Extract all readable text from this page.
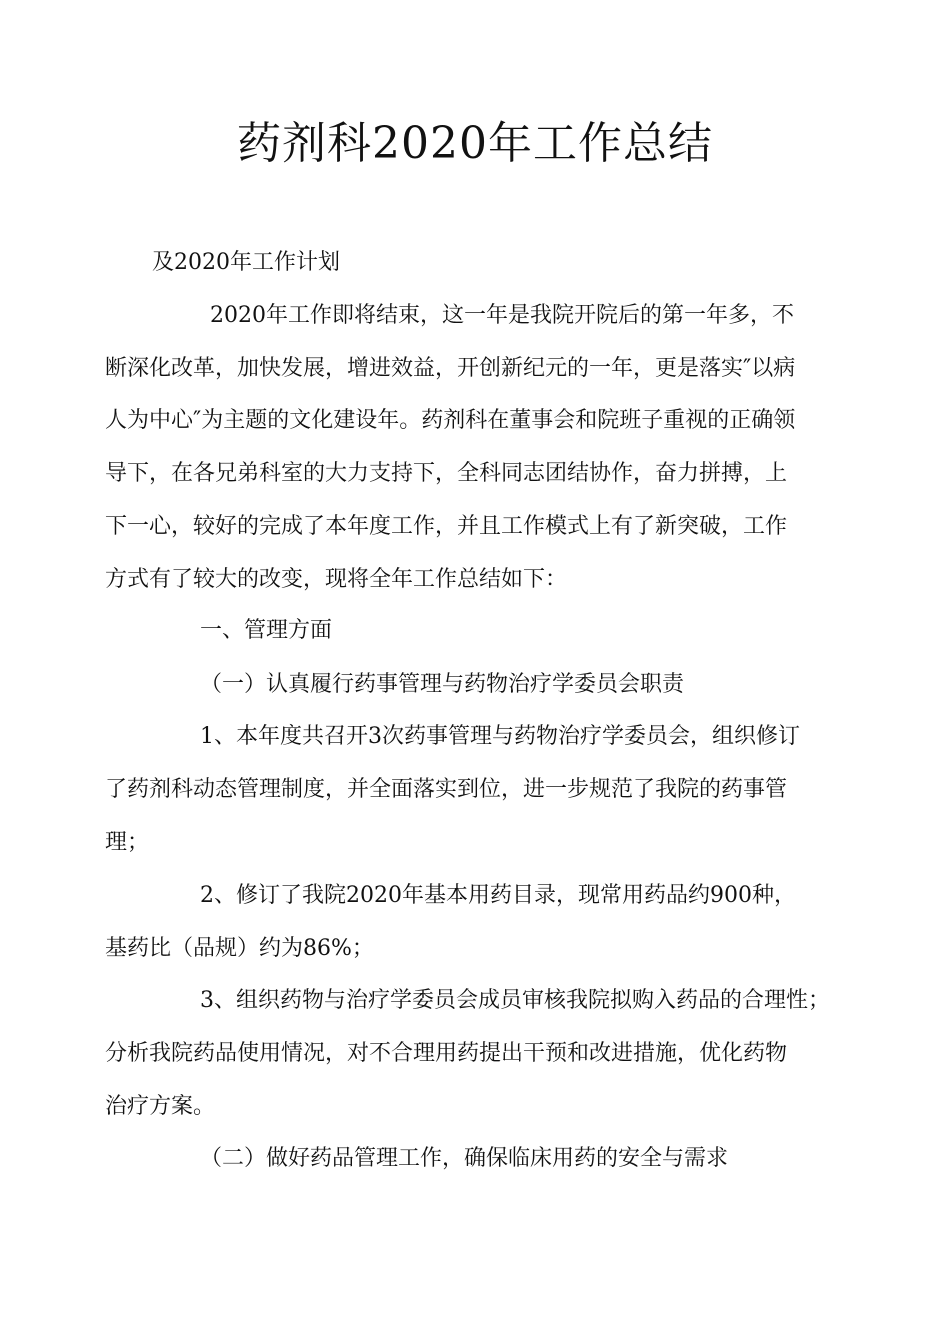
药剂科2020年工作总结
及2020年工作计划
2020年工作即将结束，这一年是我院开院后的第一年多，不
断深化改革，加快发展，增进效益，开创新纪元的一年，更是落实″以病
人为中心″为主题的文化建设年。药剂科在董事会和院班子重视的正确领
导下，在各兄弟科室的大力支持下，全科同志团结协作，奋力拼搏，上
下一心，较好的完成了本年度工作，并且工作模式上有了新突破，工作
方式有了较大的改变，现将全年工作总结如下：
一、管理方面
（一）认真履行药事管理与药物治疗学委员会职责
1、本年度共召开3次药事管理与药物治疗学委员会，组织修订
了药剂科动态管理制度，并全面落实到位，进一步规范了我院的药事管
理；
2、修订了我院2020年基本用药目录，现常用药品约900种，
基药比（品规）约为86%；
3、组织药物与治疗学委员会成员审核我院拟购入药品的合理性；
分析我院药品使用情况，对不合理用药提出干预和改进措施，优化药物
治疗方案。
（二）做好药品管理工作，确保临床用药的安全与需求
